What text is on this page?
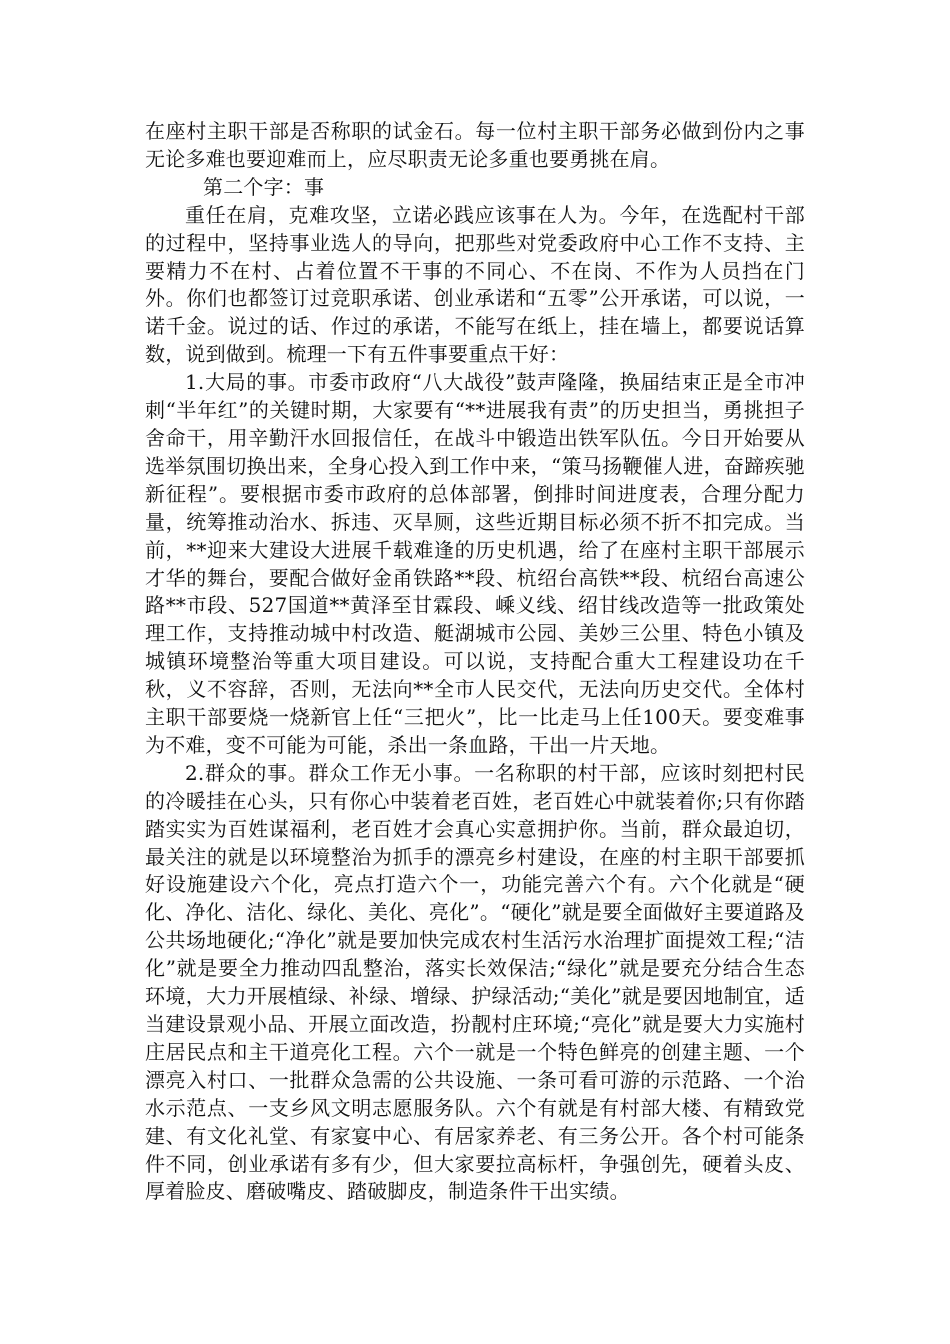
在座村主职干部是否称职的试金石。每一位村主职干部务必做到份内之事无论多难也要迎难而上，应尽职责无论多重也要勇挑在肩。

第二个字：事

重任在肩，克难攻坚，立诺必践应该事在人为。今年，在选配村干部的过程中，坚持事业选人的导向，把那些对党委政府中心工作不支持、主要精力不在村、占着位置不干事的不同心、不在岗、不作为人员挡在门外。你们也都签订过竞职承诺、创业承诺和“五零”公开承诺，可以说，一诺千金。说过的话、作过的承诺，不能写在纸上，挂在墙上，都要说话算数，说到做到。梳理一下有五件事要重点干好：

1.大局的事。市委市政府“八大战役”鼓声隆隆，换届结束正是全市冲刺“半年红”的关键时期，大家要有“**进展我有责”的历史担当，勇挑担子舍命干，用辛勤汗水回报信任，在战斗中锻造出铁军队伍。今日开始要从选举氛围切换出来，全身心投入到工作中来，“策马扬鞭催人进，奋蹄疾驰新征程”。要根据市委市政府的总体部署，倒排时间进度表，合理分配力量，统筹推动治水、拆违、灭旱厕，这些近期目标必须不折不扣完成。当前，**迎来大建设大进展千载难逢的历史机遇，给了在座村主职干部展示才华的舞台，要配合做好金甬铁路**段、杭绍台高铁**段、杭绍台高速公路**市段、527国道**黄泽至甘霖段、嵊义线、绍甘线改造等一批政策处理工作，支持推动城中村改造、艇湖城市公园、美妙三公里、特色小镇及城镇环境整治等重大项目建设。可以说，支持配合重大工程建设功在千秋，义不容辞，否则，无法向**全市人民交代，无法向历史交代。全体村主职干部要烧一烧新官上任“三把火”，比一比走马上任100天。要变难事为不难，变不可能为可能，杀出一条血路，干出一片天地。

2.群众的事。群众工作无小事。一名称职的村干部，应该时刻把村民的冷暖挂在心头，只有你心中装着老百姓，老百姓心中就装着你;只有你踏踏实实为百姓谋福利，老百姓才会真心实意拥护你。当前，群众最迫切，最关注的就是以环境整治为抓手的漂亮乡村建设，在座的村主职干部要抓好设施建设六个化，亮点打造六个一，功能完善六个有。六个化就是“硬化、净化、洁化、绿化、美化、亮化”。“硬化”就是要全面做好主要道路及公共场地硬化;“净化”就是要加快完成农村生活污水治理扩面提效工程;“洁化”就是要全力推动四乱整治，落实长效保洁;“绿化”就是要充分结合生态环境，大力开展植绿、补绿、增绿、护绿活动;“美化”就是要因地制宜，适当建设景观小品、开展立面改造，扮靓村庄环境;“亮化”就是要大力实施村庄居民点和主干道亮化工程。六个一就是一个特色鲜亮的创建主题、一个漂亮入村口、一批群众急需的公共设施、一条可看可游的示范路、一个治水示范点、一支乡风文明志愿服务队。六个有就是有村部大楼、有精致党建、有文化礼堂、有家宴中心、有居家养老、有三务公开。各个村可能条件不同，创业承诺有多有少，但大家要拉高标杆，争强创先，硬着头皮、厚着脸皮、磨破嘴皮、踏破脚皮，制造条件干出实绩。
